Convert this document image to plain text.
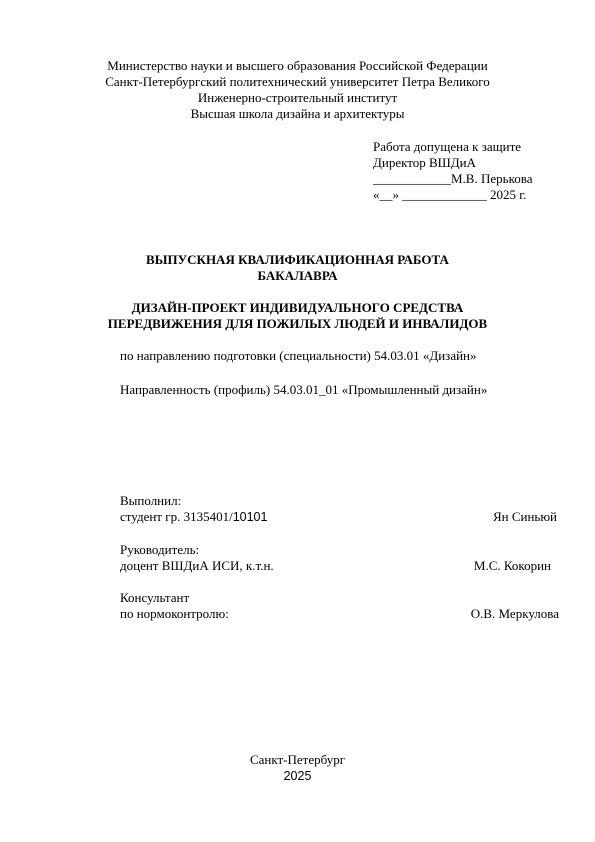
Министерство науки и высшего образования Российской Федерации
Санкт-Петербургский политехнический университет Петра Великого
Инженерно-строительный институт
Высшая школа дизайна и архитектуры
Работа допущена к защите
Директор ВШДиА
____________М.В. Перькова
«__» _____________ 2025 г.
ВЫПУСКНАЯ КВАЛИФИКАЦИОННАЯ РАБОТА
БАКАЛАВРА
ДИЗАЙН-ПРОЕКТ ИНДИВИДУАЛЬНОГО СРЕДСТВА
ПЕРЕДВИЖЕНИЯ ДЛЯ ПОЖИЛЫХ ЛЮДЕЙ И ИНВАЛИДОВ
по направлению подготовки (специальности) 54.03.01 «Дизайн»
Направленность (профиль) 54.03.01_01 «Промышленный дизайн»
Выполнил:
студент гр. 3135401/10101	Ян Синьюй
Руководитель:
доцент ВШДиА ИСИ, к.т.н.	М.С. Кокорин
Консультант
по нормоконтролю:	О.В. Меркулова
Санкт-Петербург
2025
